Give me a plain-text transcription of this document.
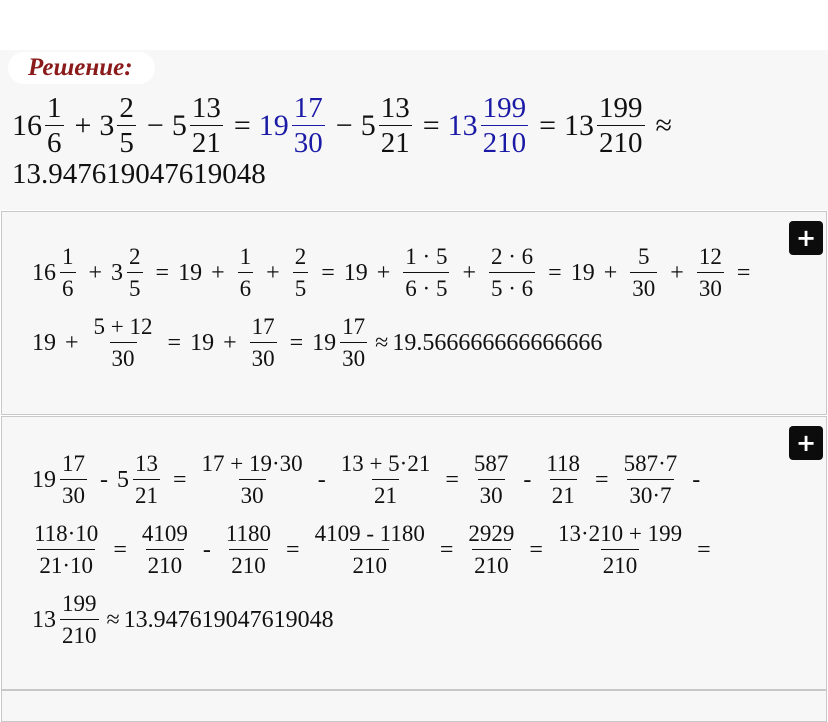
Решение:
$16 \frac{1}{6} + 3 \frac{2}{5} - 5 \frac{13}{21} = 19 \frac{17}{30} - 5 \frac{13}{21} = 13 \frac{199}{210} = 13 \frac{199}{210}$ ≈
13.947619047619048
+
$16 \frac{1}{6} + 3 \frac{2}{5} = 19 + \frac{1}{6} + \frac{2}{5} = 19 + \frac{1 \cdot 5}{6 \cdot 5} + \frac{2 \cdot 6}{5 \cdot 6} = 19 + \frac{5}{30} + \frac{12}{30}$ =
$19 + \frac{5 + 12}{30} = 19 + \frac{17}{30} = 19 \frac{17}{30} \approx 19.566666666666666$
+
$19 \frac{17}{30} - 5 \frac{13}{21} = \frac{17 + 19\cdot 30}{30} - \frac{13 + 5\cdot 21}{21} = \frac{587}{30} - \frac{118}{21} = \frac{587\cdot 7}{30\cdot 7}$ -
$\frac{118\cdot 10}{21\cdot 10} = \frac{4109}{210} - \frac{1180}{210} = \frac{4109 - 1180}{210} = \frac{2929}{210} = \frac{13\cdot 210 + 199}{210}$ =
$13 \frac{199}{210} \approx 13.947619047619048$
